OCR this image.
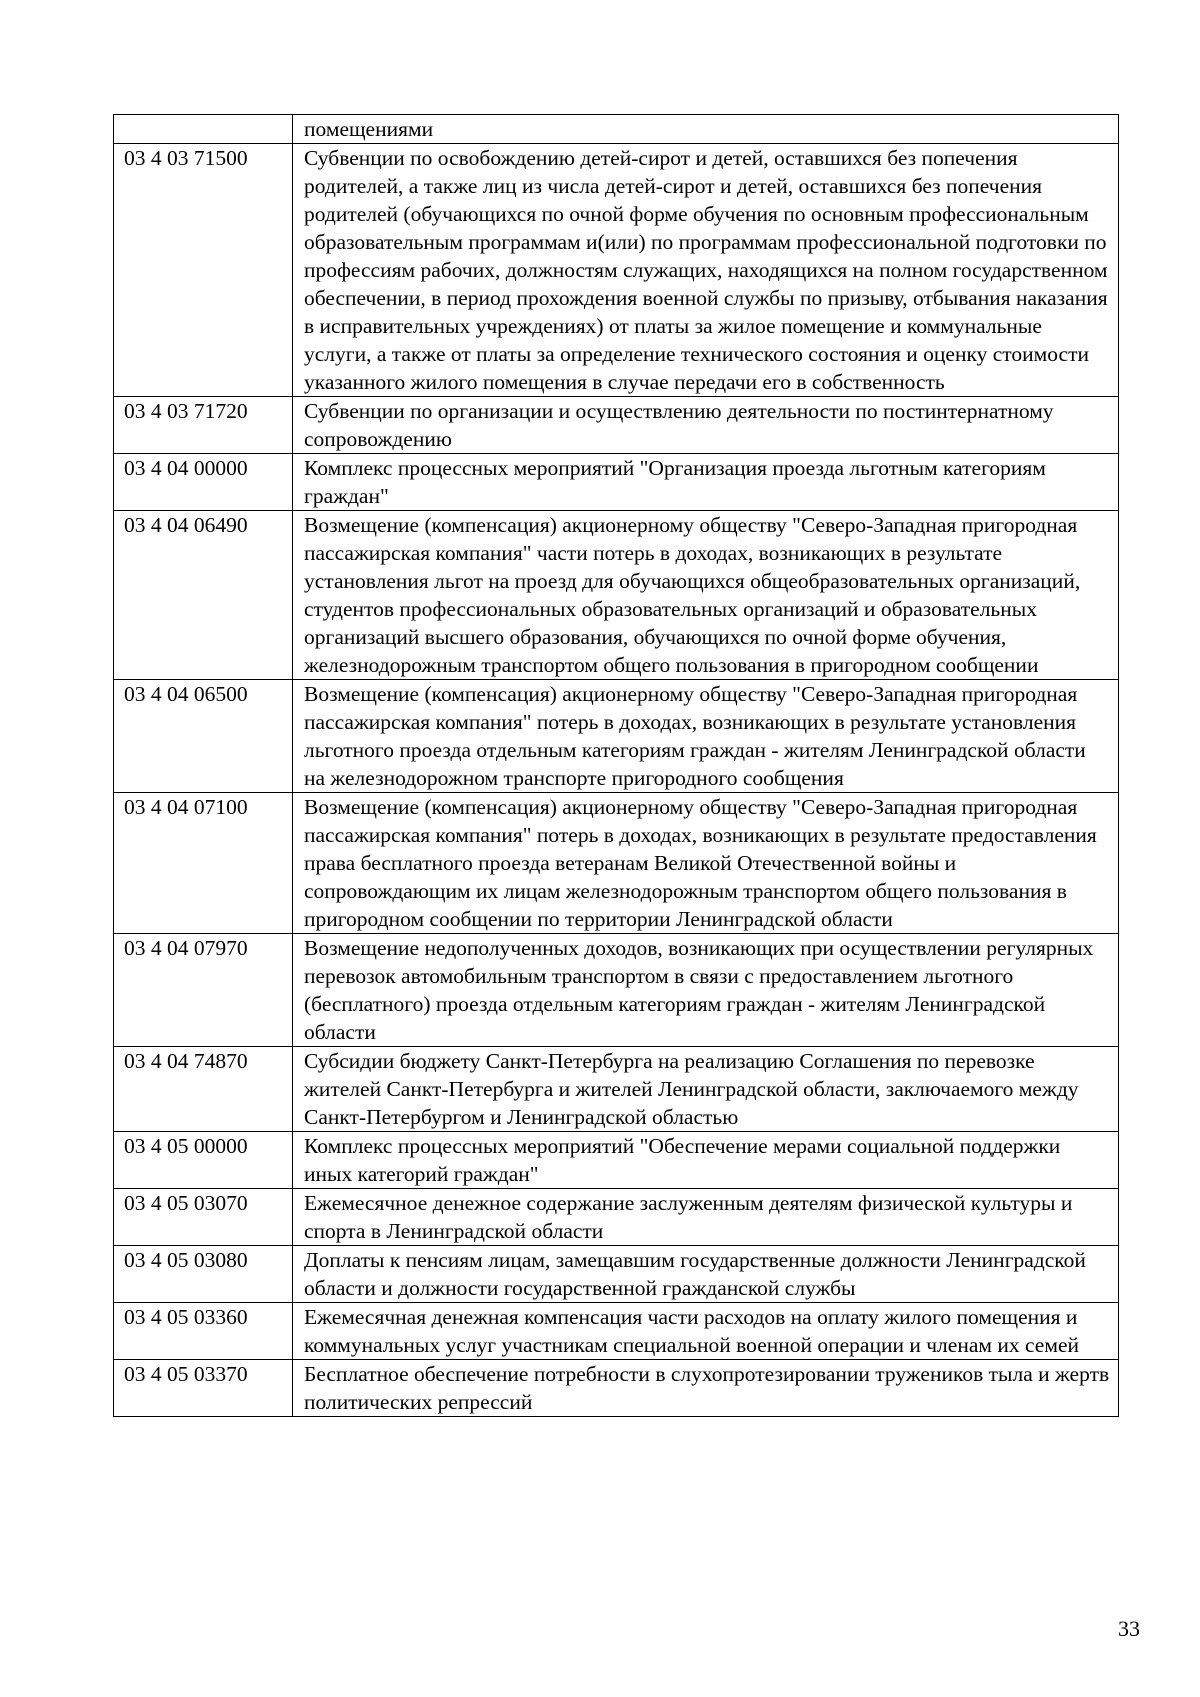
	помещениями
03 4 03 71500	Субвенции по освобождению детей-сирот и детей, оставшихся без попечения родителей, а также лиц из числа детей-сирот и детей, оставшихся без попечения родителей (обучающихся по очной форме обучения по основным профессиональным образовательным программам и(или) по программам профессиональной подготовки по профессиям рабочих, должностям служащих, находящихся на полном государственном обеспечении, в период прохождения военной службы по призыву, отбывания наказания в исправительных учреждениях) от платы за жилое помещение и коммунальные услуги, а также от платы за определение технического состояния и оценку стоимости указанного жилого помещения в случае передачи его в собственность
03 4 03 71720	Субвенции по организации и осуществлению деятельности по постинтернатному сопровождению
03 4 04 00000	Комплекс процессных мероприятий "Организация проезда льготным категориям граждан"
03 4 04 06490	Возмещение (компенсация) акционерному обществу "Северо-Западная пригородная пассажирская компания" части потерь в доходах, возникающих в результате установления льгот на проезд для обучающихся общеобразовательных организаций, студентов профессиональных образовательных организаций и образовательных организаций высшего образования, обучающихся по очной форме обучения, железнодорожным транспортом общего пользования в пригородном сообщении
03 4 04 06500	Возмещение (компенсация) акционерному обществу "Северо-Западная пригородная пассажирская компания" потерь в доходах, возникающих в результате установления льготного проезда отдельным категориям граждан - жителям Ленинградской области на железнодорожном транспорте пригородного сообщения
03 4 04 07100	Возмещение (компенсация) акционерному обществу "Северо-Западная пригородная пассажирская компания" потерь в доходах, возникающих в результате предоставления права бесплатного проезда ветеранам Великой Отечественной войны и сопровождающим их лицам железнодорожным транспортом общего пользования в пригородном сообщении по территории Ленинградской области
03 4 04 07970	Возмещение недополученных доходов, возникающих при осуществлении регулярных перевозок автомобильным транспортом в связи с предоставлением льготного (бесплатного) проезда отдельным категориям граждан - жителям Ленинградской области
03 4 04 74870	Субсидии бюджету Санкт-Петербурга на реализацию Соглашения по перевозке жителей Санкт-Петербурга и жителей Ленинградской области, заключаемого между Санкт-Петербургом и Ленинградской областью
03 4 05 00000	Комплекс процессных мероприятий "Обеспечение мерами социальной поддержки иных категорий граждан"
03 4 05 03070	Ежемесячное денежное содержание заслуженным деятелям физической культуры и спорта в Ленинградской области
03 4 05 03080	Доплаты к пенсиям лицам, замещавшим государственные должности Ленинградской области и должности государственной гражданской службы
03 4 05 03360	Ежемесячная денежная компенсация части расходов на оплату жилого помещения и коммунальных услуг участникам специальной военной операции и членам их семей
03 4 05 03370	Бесплатное обеспечение потребности в слухопротезировании тружеников тыла и жертв политических репрессий
33
